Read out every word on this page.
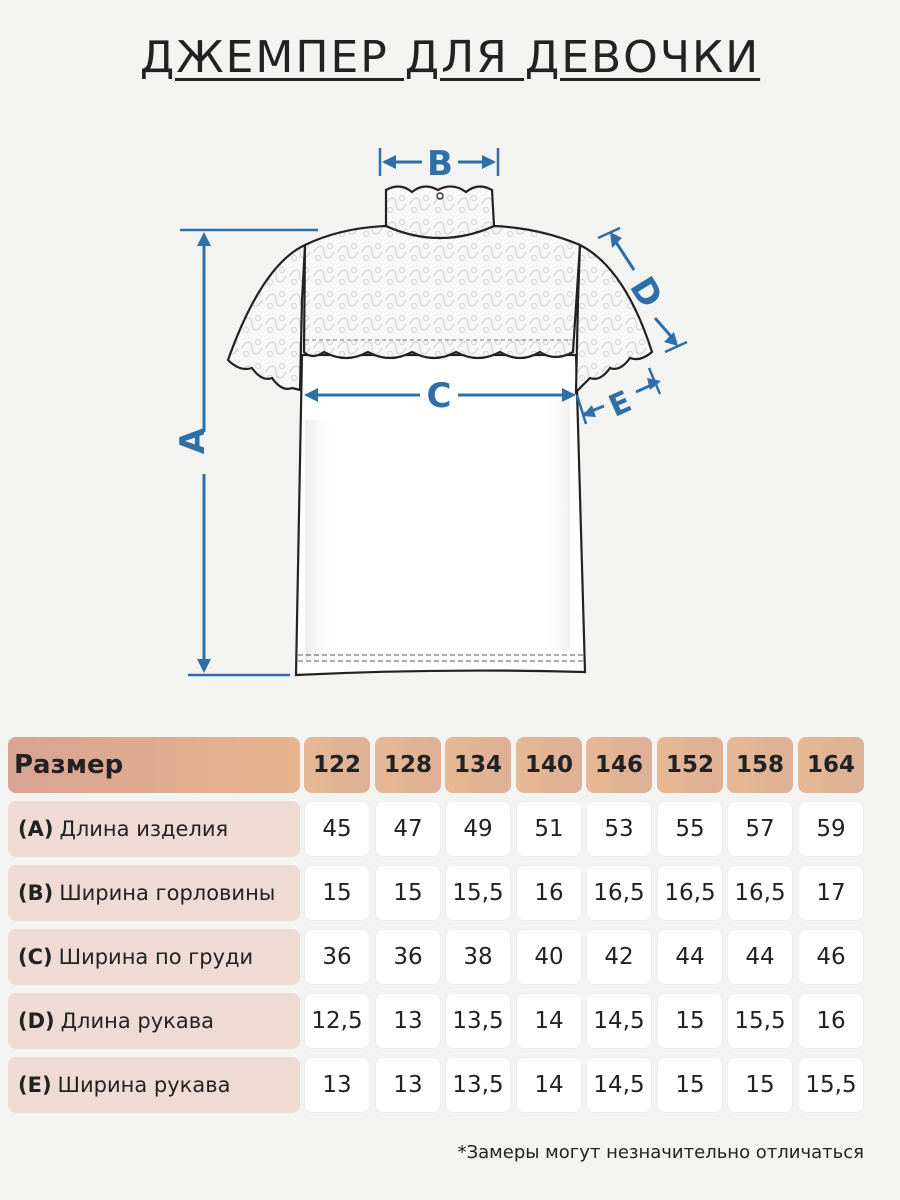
ДЖЕМПЕР ДЛЯ ДЕВОЧКИ
B
A
C
D
E
Размер	122 128 134 140 146 152 158 164
(A) Длина изделия	45	47	49	51	53	55	57	59
(B) Ширина горловины	15	15	15,5	16	16,5 16,5 16,5	17
(C) Ширина по груди	36	36	38	40	42	44	44	46
(D) Длина рукава	12,5	13	13,5	14	14,5	15	15,5	16
(E) Ширина рукава	13	13	13,5	14	14,5	15	15	15,5
*Замеры могут незначительно отличаться
